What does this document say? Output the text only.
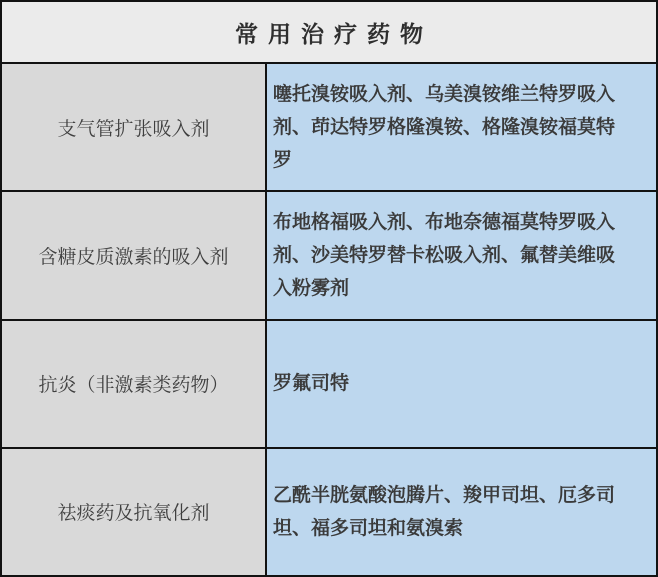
常用治疗药物
支气管扩张吸入剂
噻托溴铵吸入剂、乌美溴铵维兰特罗吸入剂、茚达特罗格隆溴铵、格隆溴铵福莫特罗
含糖皮质激素的吸入剂
布地格福吸入剂、布地奈德福莫特罗吸入剂、沙美特罗替卡松吸入剂、氟替美维吸入粉雾剂
抗炎（非激素类药物） 罗氟司特
祛痰药及抗氧化剂
乙酰半胱氨酸泡腾片、羧甲司坦、厄多司坦、福多司坦和氨溴索
